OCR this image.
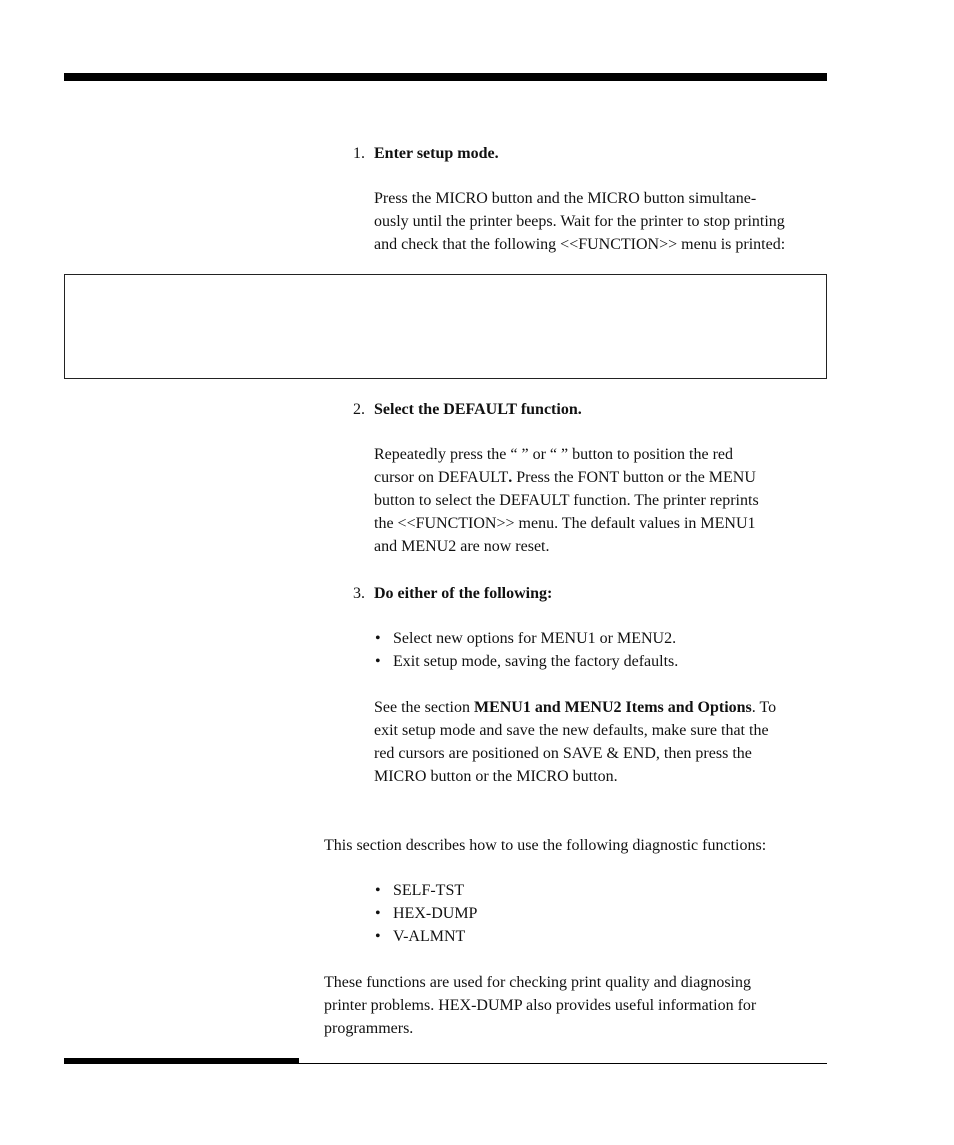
1. Enter setup mode.
Press the MICRO button and the MICRO button simultane-
ously until the printer beeps. Wait for the printer to stop printing
and check that the following <<FUNCTION>> menu is printed:
2. Select the DEFAULT function.
Repeatedly press the “ ” or “ ” button to position the red
cursor on DEFAULT. Press the FONT button or the MENU
button to select the DEFAULT function. The printer reprints
the <<FUNCTION>> menu. The default values in MENU1
and MENU2 are now reset.
3. Do either of the following:
• Select new options for MENU1 or MENU2.
• Exit setup mode, saving the factory defaults.
See the section MENU1 and MENU2 Items and Options. To
exit setup mode and save the new defaults, make sure that the
red cursors are positioned on SAVE & END, then press the
MICRO button or the MICRO button.
This section describes how to use the following diagnostic functions:
• SELF-TST
• HEX-DUMP
• V-ALMNT
These functions are used for checking print quality and diagnosing
printer problems. HEX-DUMP also provides useful information for
programmers.
